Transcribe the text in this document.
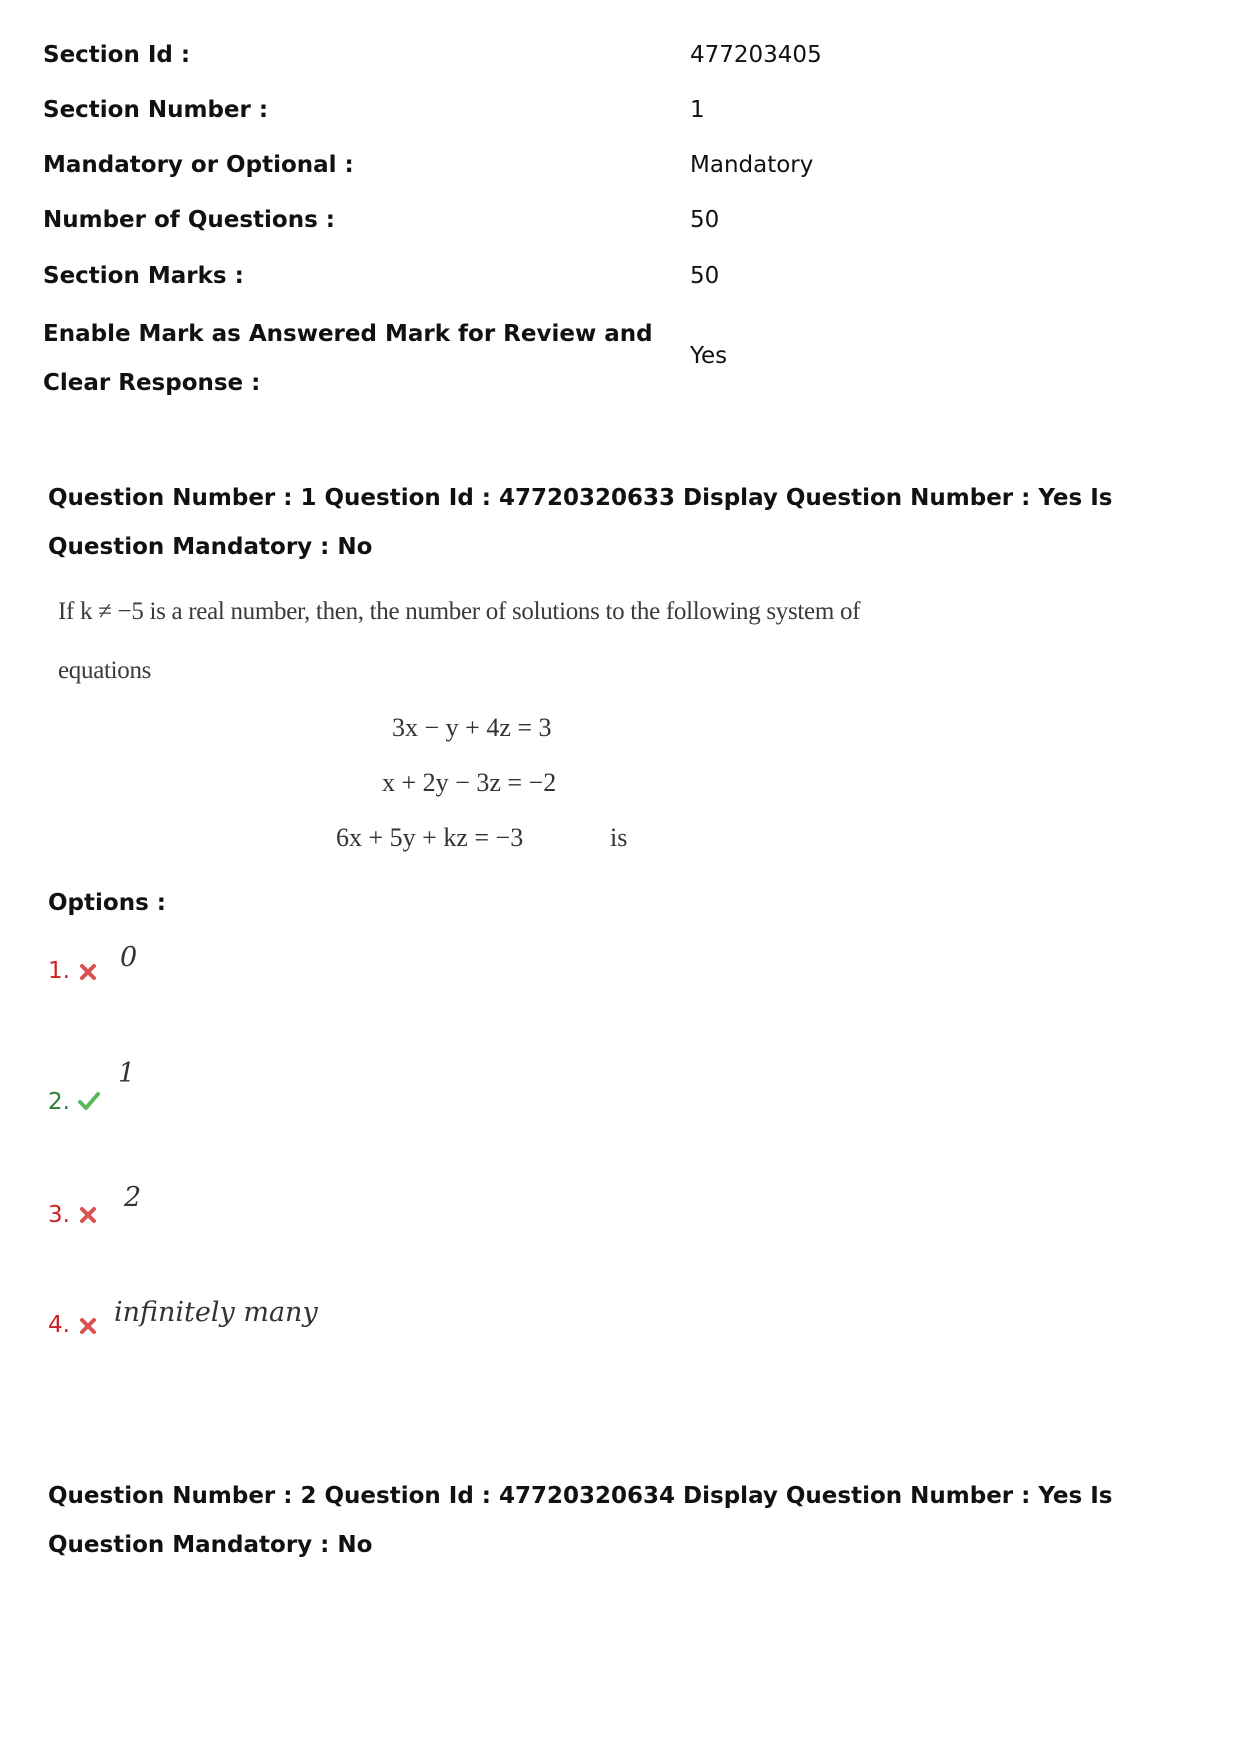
Section Id :	477203405
Section Number :	1
Mandatory or Optional :	Mandatory
Number of Questions :	50
Section Marks :	50
Enable Mark as Answered Mark for Review and Clear Response :
Yes
Question Number : 1 Question Id : 47720320633 Display Question Number : Yes Is Question Mandatory : No
If k ≠ −5 is a real number, then, the number of solutions to the following system of
equations
3x − y + 4z = 3
x + 2y − 3z = −2
6x + 5y + kz = −3	is
Options :
1. 0
2.
1
3.
2
4. infinitely many
Question Number : 2 Question Id : 47720320634 Display Question Number : Yes Is Question Mandatory : No
